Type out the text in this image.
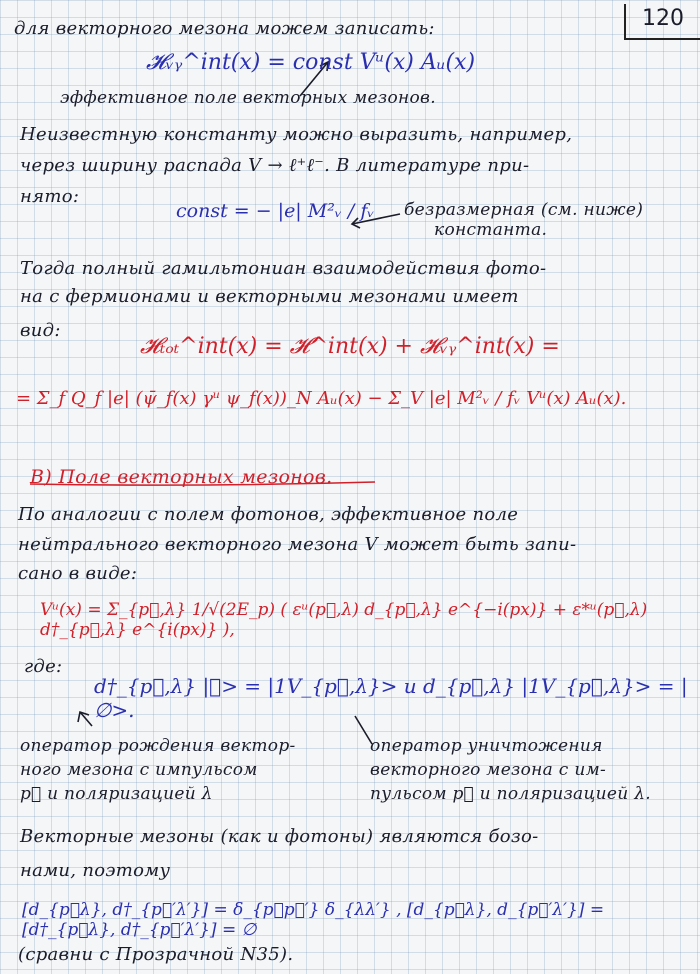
120
для векторного мезона можем записать:
𝓗ᵥᵧ^int(x) = const Vᵘ(x) Aᵤ(x)
эффективное поле векторных мезонов.
Неизвестную константу можно выразить, например,
через ширину распада V → ℓ⁺ℓ⁻. В литературе при-
нято:
const = − |e| M²ᵥ / fᵥ безразмерная (см. ниже)
константа.
Тогда полный гамильтониан взаимодействия фото-
на с фермионами и векторными мезонами имеет
вид:
𝓗ₜₒₜ^int(x) = 𝓗^int(x) + 𝓗ᵥᵧ^int(x) =
= Σ_f Q_f |e| (ψ̄_f(x) γᵘ ψ_f(x))_N Aᵤ(x) − Σ_V |e| M²ᵥ / fᵥ Vᵘ(x) Aᵤ(x).
B) Поле векторных мезонов.
По аналогии с полем фотонов, эффективное поле
нейтрального векторного мезона V может быть запи-
сано в виде:
Vᵘ(x) = Σ_{p⃗,λ} 1/√(2E_p) ( εᵘ(p⃗,λ) d_{p⃗,λ} e^{−i(px)} + ε*ᵘ(p⃗,λ) d†_{p⃗,λ} e^{i(px)} ),
где:
d†_{p⃗,λ} |∅> = |1V_{p⃗,λ}> и d_{p⃗,λ} |1V_{p⃗,λ}> = |∅>.
оператор рождения вектор-
ного мезона с импульсом
p⃗ и поляризацией λ
оператор уничтожения
векторного мезона с им-
пульсом p⃗ и поляризацией λ.
Векторные мезоны (как и фотоны) являются бозо-
нами, поэтому
[d_{p⃗λ}, d†_{p⃗′λ′}] = δ_{p⃗p⃗′} δ_{λλ′} , [d_{p⃗λ}, d_{p⃗′λ′}] = [d†_{p⃗λ}, d†_{p⃗′λ′}] = ∅
(сравни с Прозрачной N35).
